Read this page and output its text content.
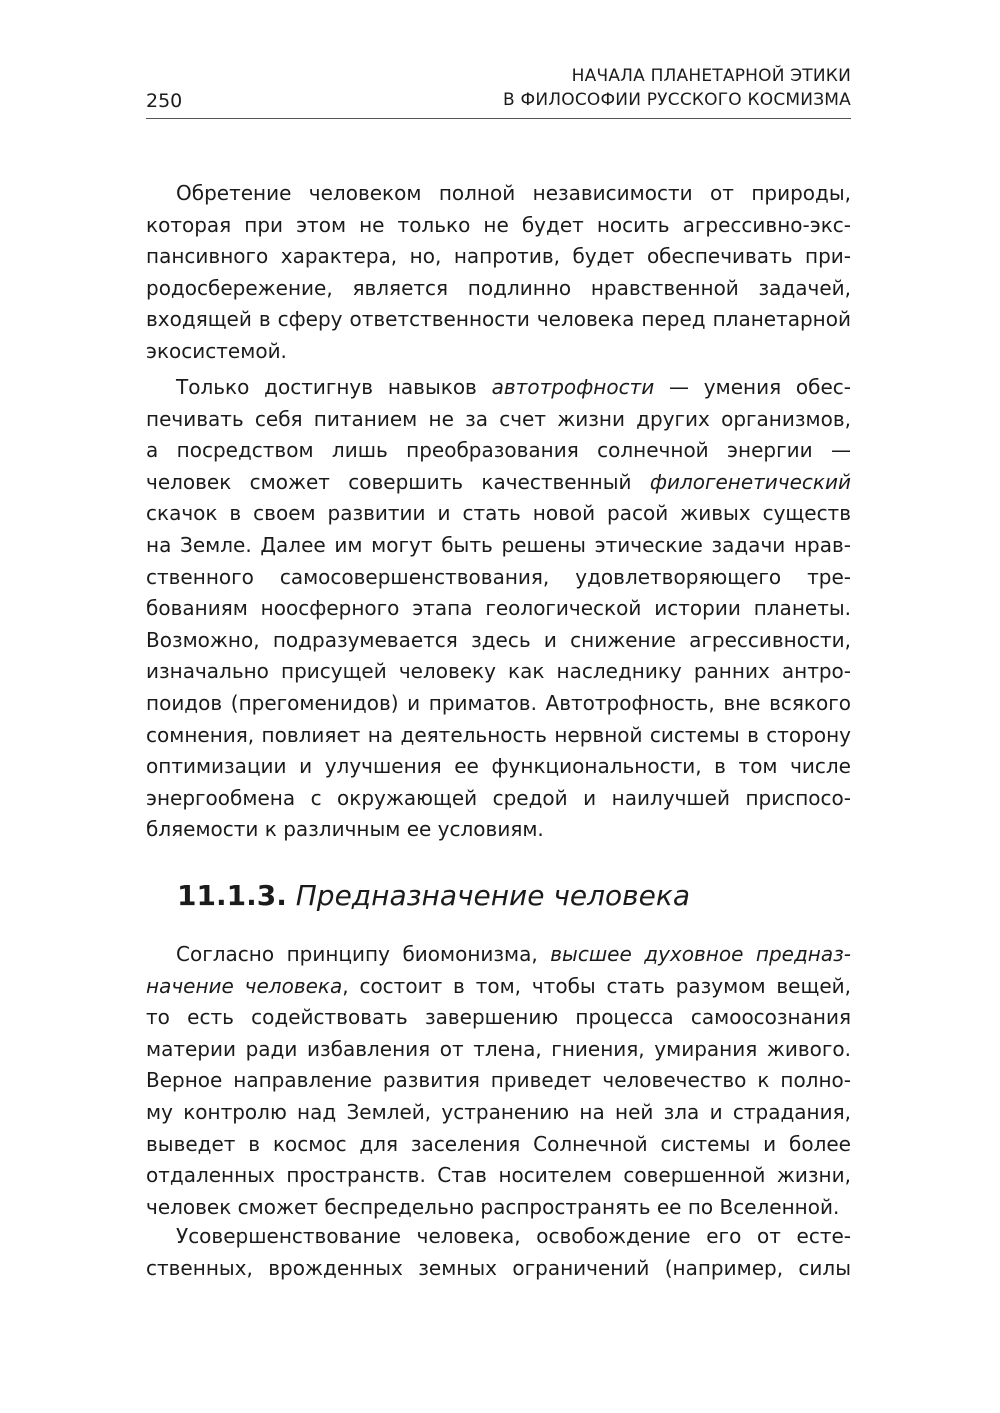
250
НАЧАЛА ПЛАНЕТАРНОЙ ЭТИКИ
В ФИЛОСОФИИ РУССКОГО КОСМИЗМА

Обретение человеком полной независимости от природы,
которая при этом не только не будет носить агрессивно-экс-
пансивного характера, но, напротив, будет обеспечивать при-
родосбережение, является подлинно нравственной задачей,
входящей в сферу ответственности человека перед планетарной
экосистемой.

Только достигнув навыков автотрофности — умения обес-
печивать себя питанием не за счет жизни других организмов,
а посредством лишь преобразования солнечной энергии —
человек сможет совершить качественный филогенетический
скачок в своем развитии и стать новой расой живых существ
на Земле. Далее им могут быть решены этические задачи нрав-
ственного самосовершенствования, удовлетворяющего тре-
бованиям ноосферного этапа геологической истории планеты.
Возможно, подразумевается здесь и снижение агрессивности,
изначально присущей человеку как наследнику ранних антро-
поидов (прегоменидов) и приматов. Автотрофность, вне всякого
сомнения, повлияет на деятельность нервной системы в сторону
оптимизации и улучшения ее функциональности, в том числе
энергообмена с окружающей средой и наилучшей приспосо-
бляемости к различным ее условиям.

11.1.3. Предназначение человека

Согласно принципу биомонизма, высшее духовное предназ-
начение человека, состоит в том, чтобы стать разумом вещей,
то есть содействовать завершению процесса самоосознания
материи ради избавления от тлена, гниения, умирания живого.
Верное направление развития приведет человечество к полно-
му контролю над Землей, устранению на ней зла и страдания,
выведет в космос для заселения Солнечной системы и более
отдаленных пространств. Став носителем совершенной жизни,
человек сможет беспредельно распространять ее по Вселенной.

Усовершенствование человека, освобождение его от есте-
ственных, врожденных земных ограничений (например, силы
